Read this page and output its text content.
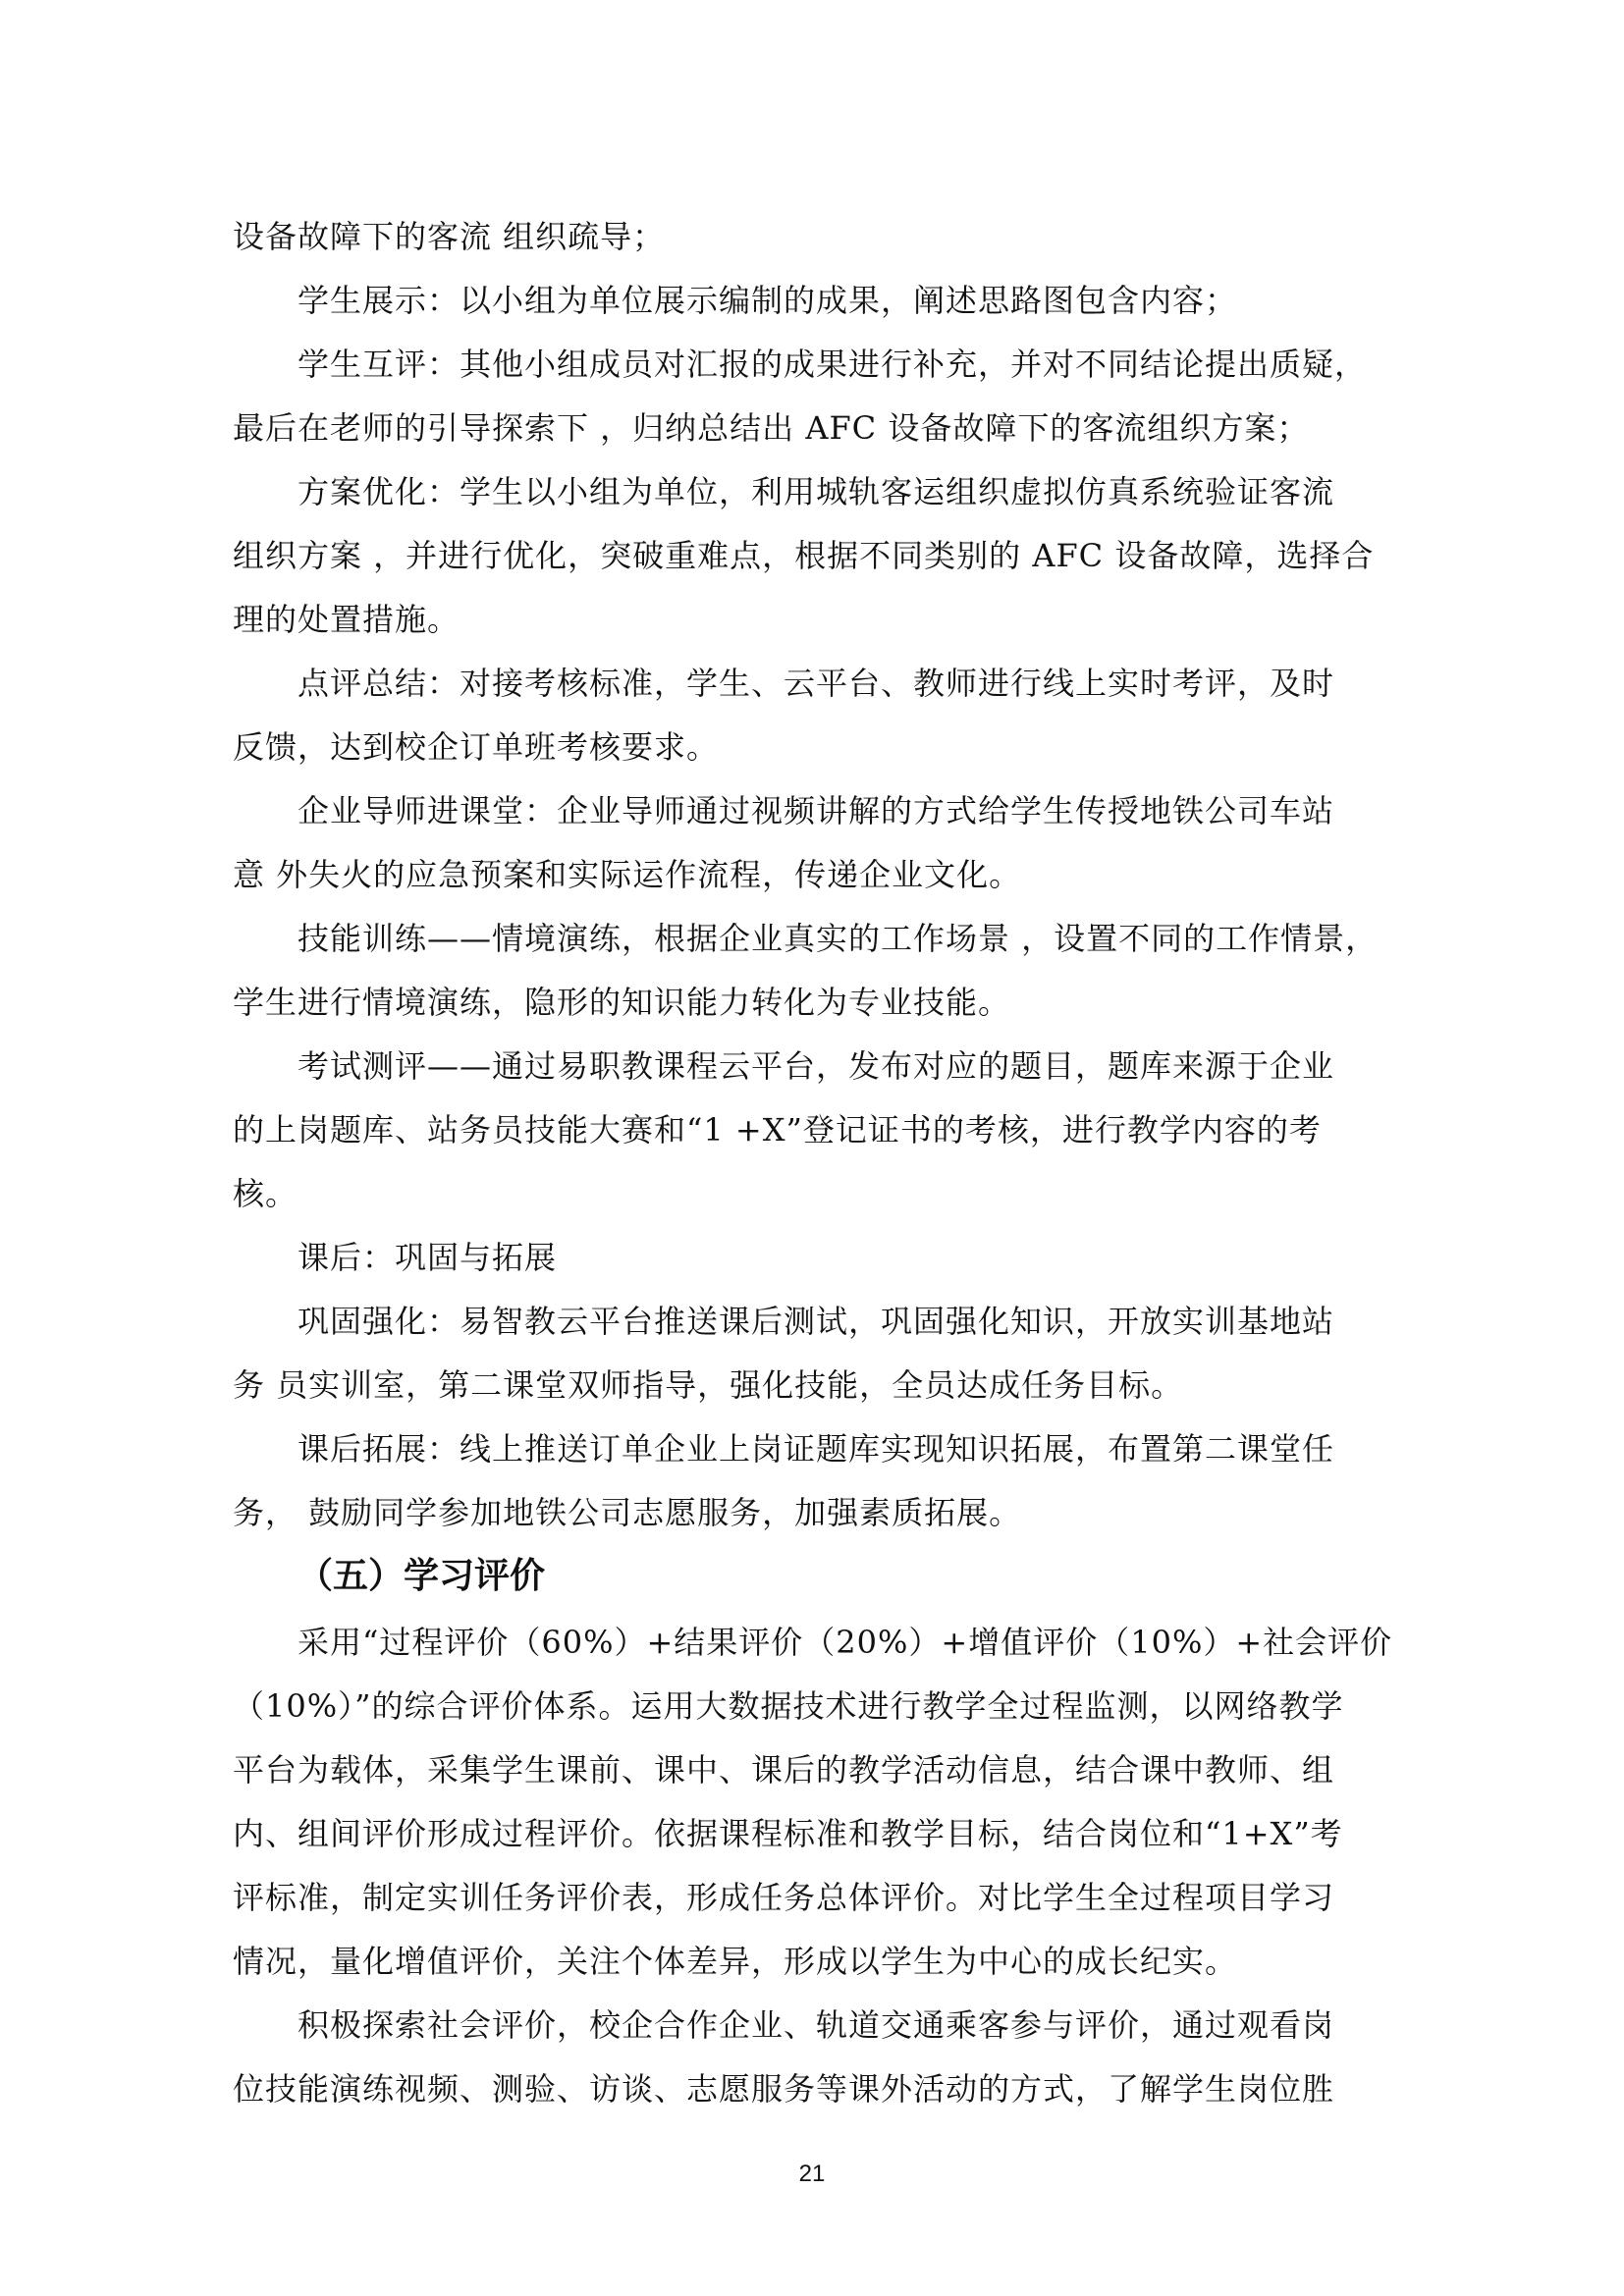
设备故障下的客流 组织疏导；
学生展示：以小组为单位展示编制的成果，阐述思路图包含内容；
学生互评：其他小组成员对汇报的成果进行补充，并对不同结论提出质疑，
最后在老师的引导探索下 ，归纳总结出 AFC 设备故障下的客流组织方案；
方案优化：学生以小组为单位，利用城轨客运组织虚拟仿真系统验证客流
组织方案 ，并进行优化，突破重难点，根据不同类别的 AFC 设备故障，选择合
理的处置措施。
点评总结：对接考核标准，学生、云平台、教师进行线上实时考评，及时
反馈，达到校企订单班考核要求。
企业导师进课堂：企业导师通过视频讲解的方式给学生传授地铁公司车站
意 外失火的应急预案和实际运作流程，传递企业文化。
技能训练——情境演练，根据企业真实的工作场景 ，设置不同的工作情景，
学生进行情境演练，隐形的知识能力转化为专业技能。
考试测评——通过易职教课程云平台，发布对应的题目，题库来源于企业
的上岗题库、站务员技能大赛和“1 +X”登记证书的考核，进行教学内容的考
核。
课后：巩固与拓展
巩固强化：易智教云平台推送课后测试，巩固强化知识，开放实训基地站
务 员实训室，第二课堂双师指导，强化技能，全员达成任务目标。
课后拓展：线上推送订单企业上岗证题库实现知识拓展，布置第二课堂任
务， 鼓励同学参加地铁公司志愿服务，加强素质拓展。
（五）学习评价
采用“过程评价（60%）+结果评价（20%）+增值评价（10%）+社会评价
（10%）”的综合评价体系。运用大数据技术进行教学全过程监测，以网络教学
平台为载体，采集学生课前、课中、课后的教学活动信息，结合课中教师、组
内、组间评价形成过程评价。依据课程标准和教学目标，结合岗位和“1+X”考
评标准，制定实训任务评价表，形成任务总体评价。对比学生全过程项目学习
情况，量化增值评价，关注个体差异，形成以学生为中心的成长纪实。
积极探索社会评价，校企合作企业、轨道交通乘客参与评价，通过观看岗
位技能演练视频、测验、访谈、志愿服务等课外活动的方式，了解学生岗位胜
21
